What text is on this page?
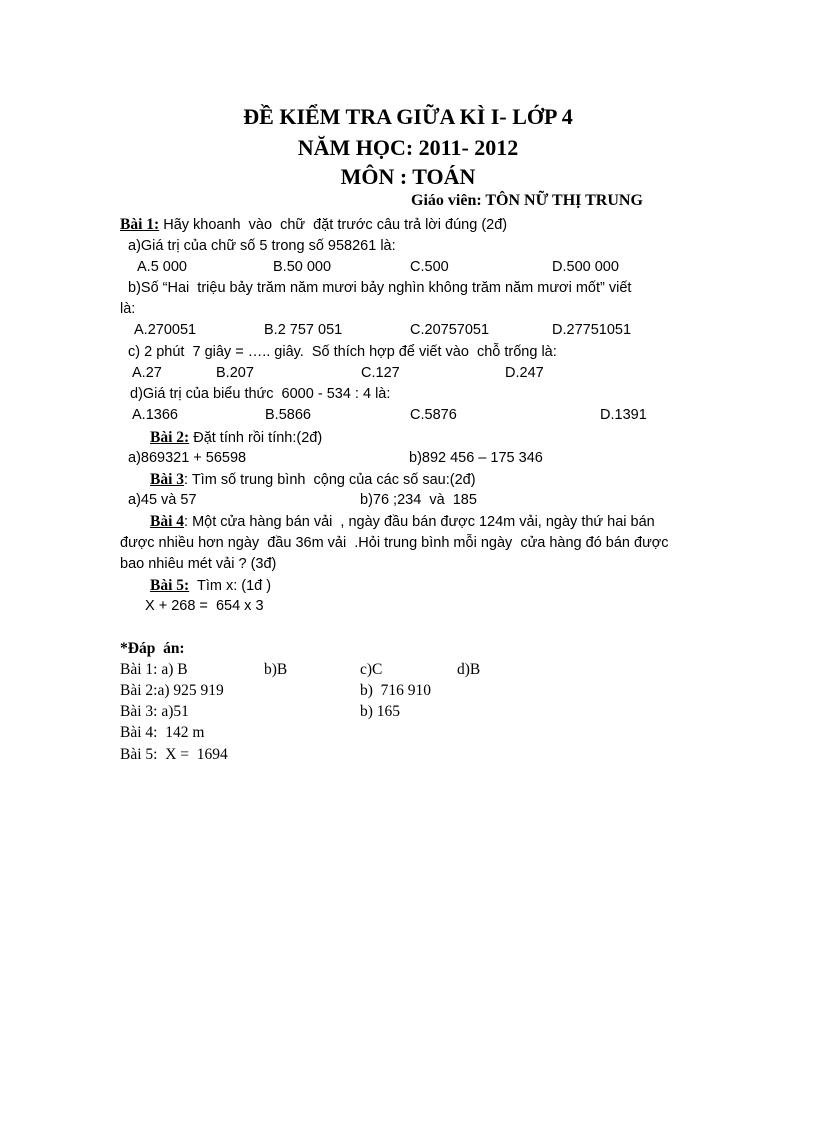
ĐỀ KIỂM TRA GIỮA KÌ I- LỚP 4

NĂM HỌC: 2011- 2012

MÔN : TOÁN

Giáo viên: TÔN NỮ THỊ TRUNG

Bài 1: Hãy khoanh  vào  chữ  đặt trước câu trả lời đúng (2đ)

a)Giá trị của chữ số 5 trong số 958261 là:

A.5 000	B.50 000	C.500	D.500 000

b)Số “Hai  triệu bảy trăm năm mươi bảy nghìn không trăm năm mươi mốt” viết

là:

A.270051	B.2 757 051	C.20757051	D.27751051

c) 2 phút  7 giây = ….. giây.  Số thích hợp để viết vào  chỗ trống là:

A.27	B.207	C.127	D.247

d)Giá trị của biểu thức  6000 - 534 : 4 là:

A.1366	B.5866	C.5876	D.1391

Bài 2: Đặt tính rồi tính:(2đ)

a)869321 + 56598	b)892 456 – 175 346

Bài 3: Tìm số trung bình  cộng của các số sau:(2đ)

a)45 và 57	b)76 ;234  và  185

Bài 4: Một cửa hàng bán vải  , ngày đầu bán được 124m vải, ngày thứ hai bán

được nhiều hơn ngày  đầu 36m vải  .Hỏi trung bình mỗi ngày  cửa hàng đó bán được

bao nhiêu mét vải ? (3đ)

Bài 5:  Tìm x: (1đ )

X + 268 =  654 x 3

*Đáp  án:

Bài 1: a) B	b)B	c)C	d)B

Bài 2:a) 925 919	b)  716 910

Bài 3: a)51	b) 165

Bài 4:  142 m

Bài 5:  X =  1694
